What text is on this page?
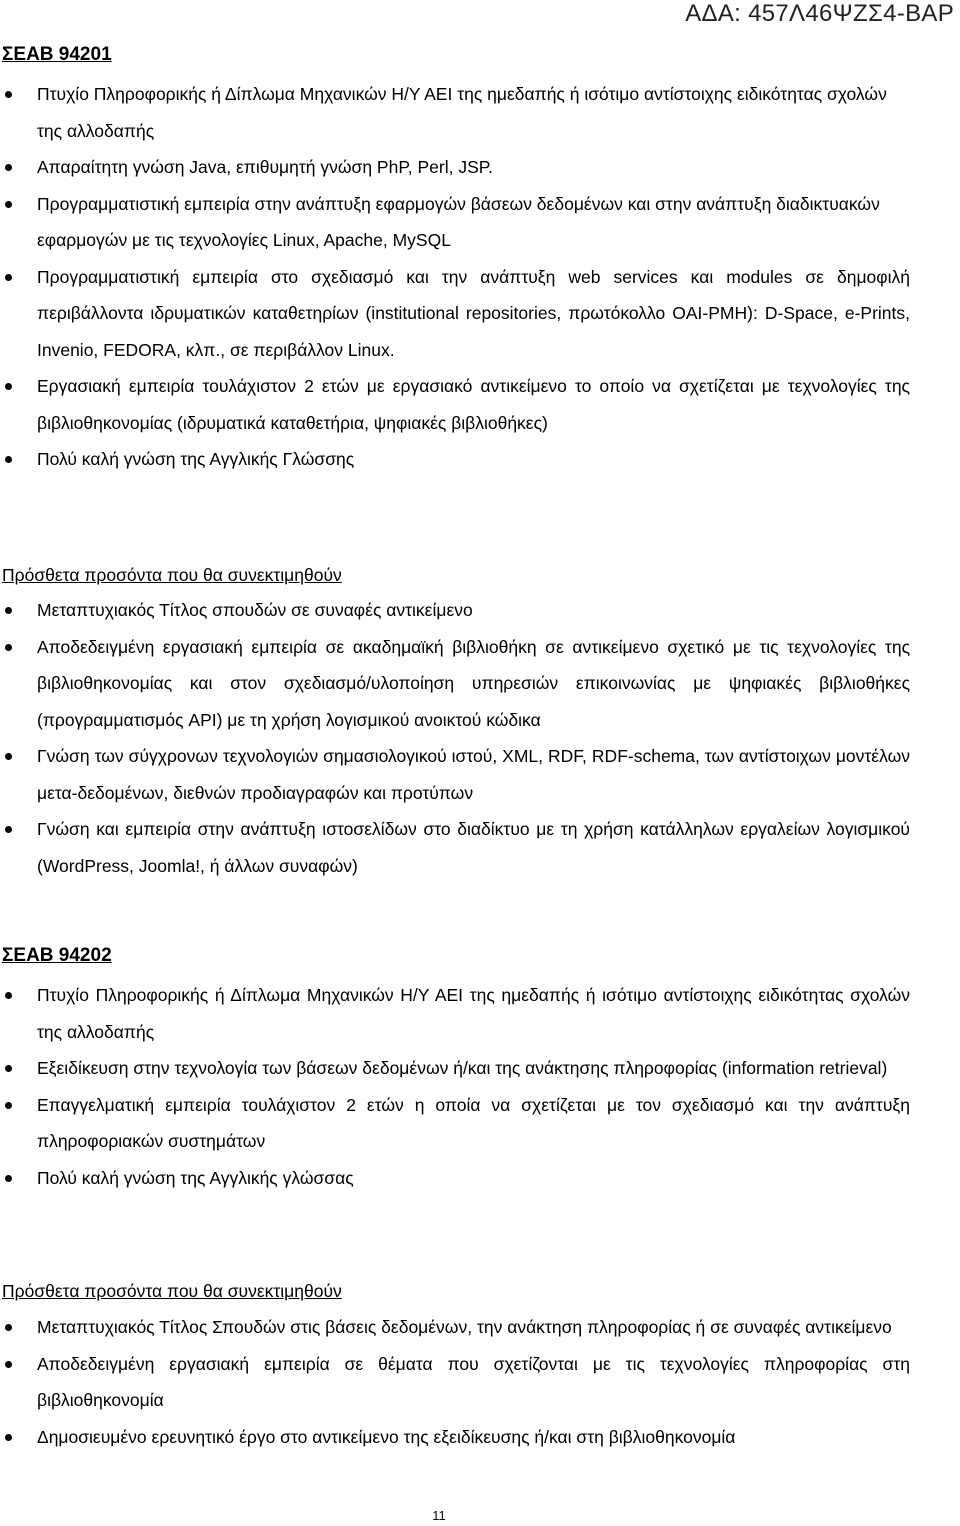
ΑΔΑ: 457Λ46ΨΖΣ4-ΒΑΡ
ΣΕΑΒ 94201
Πτυχίο Πληροφορικής ή Δίπλωμα Μηχανικών Η/Υ ΑΕΙ της ημεδαπής ή ισότιμο αντίστοιχης ειδικότητας σχολών της αλλοδαπής
Απαραίτητη γνώση Java, επιθυμητή γνώση PhP, Perl, JSP.
Προγραμματιστική εμπειρία στην ανάπτυξη εφαρμογών βάσεων δεδομένων και στην ανάπτυξη διαδικτυακών εφαρμογών με τις τεχνολογίες Linux, Apache, MySQL
Προγραμματιστική εμπειρία στο σχεδιασμό και την ανάπτυξη web services και modules σε δημοφιλή περιβάλλοντα ιδρυματικών καταθετηρίων (institutional repositories, πρωτόκολλο OAI-PMH): D-Space, e-Prints, Invenio, FEDORA, κλπ., σε περιβάλλον Linux.
Εργασιακή εμπειρία τουλάχιστον 2 ετών με εργασιακό αντικείμενο το οποίο να σχετίζεται με τεχνολογίες της βιβλιοθηκονομίας (ιδρυματικά καταθετήρια, ψηφιακές βιβλιοθήκες)
Πολύ καλή γνώση της Αγγλικής Γλώσσης
Πρόσθετα προσόντα που θα συνεκτιμηθούν
Μεταπτυχιακός Τίτλος σπουδών σε συναφές αντικείμενο
Αποδεδειγμένη εργασιακή εμπειρία σε ακαδημαϊκή βιβλιοθήκη σε αντικείμενο σχετικό με τις τεχνολογίες της βιβλιοθηκονομίας και στον σχεδιασμό/υλοποίηση υπηρεσιών επικοινωνίας με ψηφιακές βιβλιοθήκες (προγραμματισμός API) με τη χρήση λογισμικού ανοικτού κώδικα
Γνώση των σύγχρονων τεχνολογιών σημασιολογικού ιστού, XML, RDF, RDF-schema, των αντίστοιχων μοντέλων μετα-δεδομένων, διεθνών προδιαγραφών και προτύπων
Γνώση και εμπειρία στην ανάπτυξη ιστοσελίδων στο διαδίκτυο με τη χρήση κατάλληλων εργαλείων λογισμικού (WordPress, Joomla!, ή άλλων συναφών)
ΣΕΑΒ 94202
Πτυχίο Πληροφορικής ή Δίπλωμα Μηχανικών Η/Υ ΑΕΙ της ημεδαπής ή ισότιμο αντίστοιχης ειδικότητας σχολών της αλλοδαπής
Εξειδίκευση στην τεχνολογία των βάσεων δεδομένων ή/και της ανάκτησης πληροφορίας (information retrieval)
Επαγγελματική εμπειρία τουλάχιστον 2 ετών η οποία να σχετίζεται με τον σχεδιασμό και την ανάπτυξη πληροφοριακών συστημάτων
Πολύ καλή γνώση της Αγγλικής γλώσσας
Πρόσθετα προσόντα που θα συνεκτιμηθούν
Μεταπτυχιακός Τίτλος Σπουδών στις βάσεις δεδομένων, την ανάκτηση πληροφορίας ή σε συναφές αντικείμενο
Αποδεδειγμένη εργασιακή εμπειρία σε θέματα που σχετίζονται με τις τεχνολογίες πληροφορίας στη βιβλιοθηκονομία
Δημοσιευμένο ερευνητικό έργο στο αντικείμενο της εξειδίκευσης ή/και στη βιβλιοθηκονομία
11
